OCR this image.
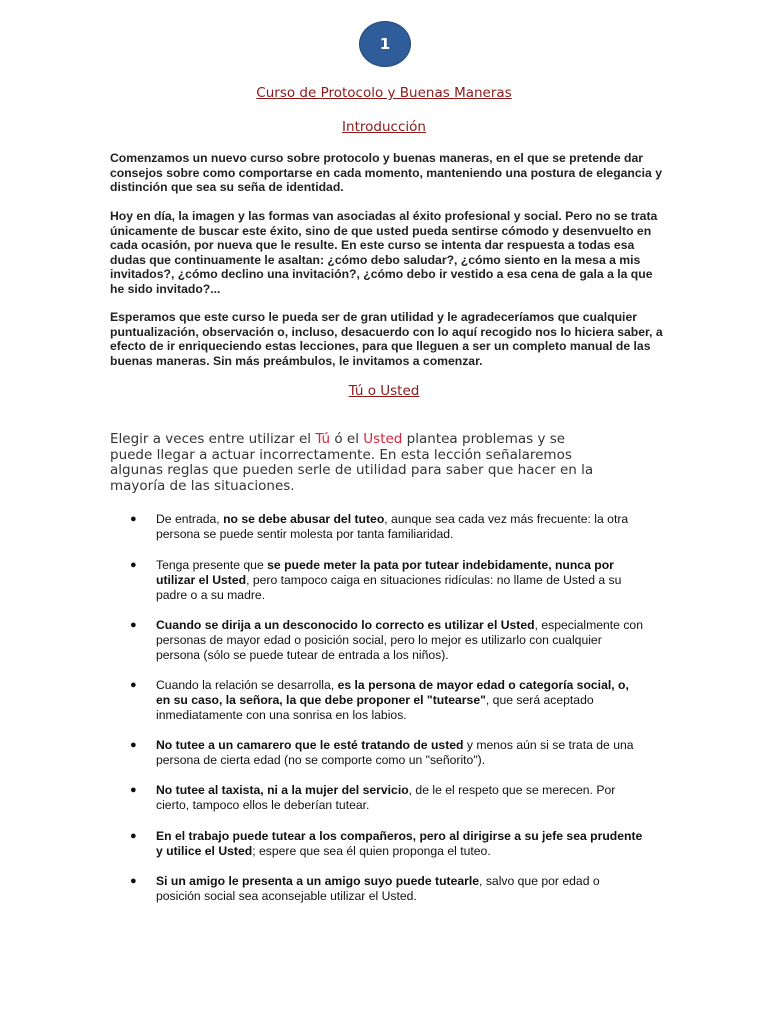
1
Curso de Protocolo y Buenas Maneras
Introducción

Comenzamos un nuevo curso sobre protocolo y buenas maneras, en el que se pretende dar consejos sobre como comportarse en cada momento, manteniendo una postura de elegancia y distinción que sea su seña de identidad.

Hoy en día, la imagen y las formas van asociadas al éxito profesional y social. Pero no se trata únicamente de buscar este éxito, sino de que usted pueda sentirse cómodo y desenvuelto en cada ocasión, por nueva que le resulte. En este curso se intenta dar respuesta a todas esa dudas que continuamente le asaltan: ¿cómo debo saludar?, ¿cómo siento en la mesa a mis invitados?, ¿cómo declino una invitación?, ¿cómo debo ir vestido a esa cena de gala a la que he sido invitado?...

Esperamos que este curso le pueda ser de gran utilidad y le agradeceríamos que cualquier puntualización, observación o, incluso, desacuerdo con lo aquí recogido nos lo hiciera saber, a efecto de ir enriqueciendo estas lecciones, para que lleguen a ser un completo manual de las buenas maneras. Sin más preámbulos, le invitamos a comenzar.

Tú o Usted

Elegir a veces entre utilizar el Tú ó el Usted plantea problemas y se puede llegar a actuar incorrectamente. En esta lección señalaremos algunas reglas que pueden serle de utilidad para saber que hacer en la mayoría de las situaciones.

● De entrada, no se debe abusar del tuteo, aunque sea cada vez más frecuente: la otra persona se puede sentir molesta por tanta familiaridad.
● Tenga presente que se puede meter la pata por tutear indebidamente, nunca por utilizar el Usted, pero tampoco caiga en situaciones ridículas: no llame de Usted a su padre o a su madre.
● Cuando se dirija a un desconocido lo correcto es utilizar el Usted, especialmente con personas de mayor edad o posición social, pero lo mejor es utilizarlo con cualquier persona (sólo se puede tutear de entrada a los niños).
● Cuando la relación se desarrolla, es la persona de mayor edad o categoría social, o, en su caso, la señora, la que debe proponer el "tutearse", que será aceptado inmediatamente con una sonrisa en los labios.
● No tutee a un camarero que le esté tratando de usted y menos aún si se trata de una persona de cierta edad (no se comporte como un "señorito").
● No tutee al taxista, ni a la mujer del servicio, de le el respeto que se merecen. Por cierto, tampoco ellos le deberían tutear.
● En el trabajo puede tutear a los compañeros, pero al dirigirse a su jefe sea prudente y utilice el Usted; espere que sea él quien proponga el tuteo.
● Si un amigo le presenta a un amigo suyo puede tutearle, salvo que por edad o posición social sea aconsejable utilizar el Usted.
